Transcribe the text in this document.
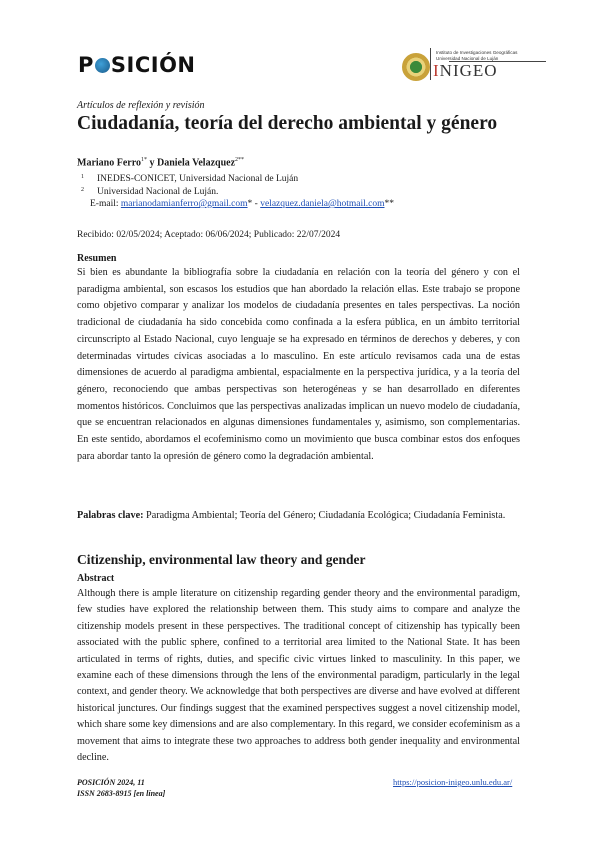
P SICIÓN
Instituto de Investigaciones Geográficas
Universidad Nacional de Luján
INIGEO
Artículos de reflexión y revisión
Ciudadanía, teoría del derecho ambiental y género
Mariano Ferro$^{1*}$ y Daniela Velazquez$^{2**}$
1 INEDES-CONICET, Universidad Nacional de Luján
2 Universidad Nacional de Luján.
E-mail: marianodamianferro@gmail.com* - velazquez.daniela@hotmail.com**
Recibido: 02/05/2024; Aceptado: 06/06/2024; Publicado: 22/07/2024
Resumen
Si bien es abundante la bibliografía sobre la ciudadanía en relación con la teoría del género y con el paradigma ambiental, son escasos los estudios que han abordado la relación ellas. Este trabajo se propone como objetivo comparar y analizar los modelos de ciudadanía presentes en tales perspectivas. La noción tradicional de ciudadanía ha sido concebida como confinada a la esfera pública, en un ámbito territorial circunscripto al Estado Nacional, cuyo lenguaje se ha expresado en términos de derechos y deberes, y con determinadas virtudes cívicas asociadas a lo masculino. En este artículo revisamos cada una de estas dimensiones de acuerdo al paradigma ambiental, espacialmente en la perspectiva jurídica, y a la teoría del género, reconociendo que ambas perspectivas son heterogéneas y se han desarrollado en diferentes momentos históricos. Concluimos que las perspectivas analizadas implican un nuevo modelo de ciudadanía, que se encuentran relacionados en algunas dimensiones fundamentales y, asimismo, son complementarias. En este sentido, abordamos el ecofeminismo como un movimiento que busca combinar estos dos enfoques para abordar tanto la opresión de género como la degradación ambiental.
Palabras clave: Paradigma Ambiental; Teoría del Género; Ciudadanía Ecológica; Ciudadanía Feminista.
Citizenship, environmental law theory and gender
Abstract
Although there is ample literature on citizenship regarding gender theory and the environmental paradigm, few studies have explored the relationship between them. This study aims to compare and analyze the citizenship models present in these perspectives. The traditional concept of citizenship has typically been associated with the public sphere, confined to a territorial area limited to the National State. It has been articulated in terms of rights, duties, and specific civic virtues linked to masculinity. In this paper, we examine each of these dimensions through the lens of the environmental paradigm, particularly in the legal context, and gender theory. We acknowledge that both perspectives are diverse and have evolved at different historical junctures. Our findings suggest that the examined perspectives suggest a novel citizenship model, which share some key dimensions and are also complementary. In this regard, we consider ecofeminism as a movement that aims to integrate these two approaches to address both gender inequality and environmental decline.
POSICIÓN 2024, 11
ISSN 2683-8915 [en línea]
https://posicion-inigeo.unlu.edu.ar/
